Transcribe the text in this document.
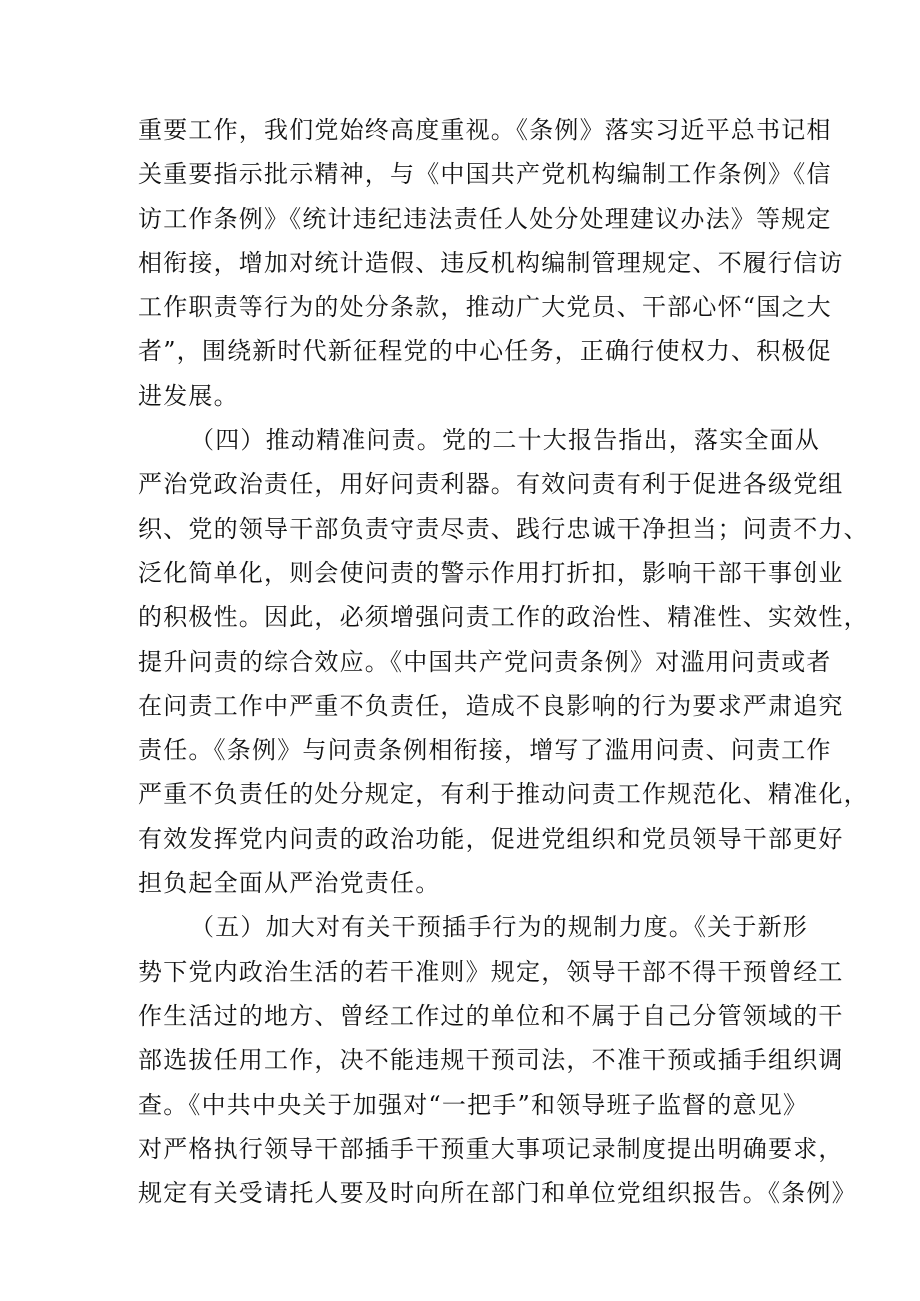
重要工作，我们党始终高度重视。《条例》落实习近平总书记相
关重要指示批示精神，与《中国共产党机构编制工作条例》《信
访工作条例》《统计违纪违法责任人处分处理建议办法》等规定
相衔接，增加对统计造假、违反机构编制管理规定、不履行信访
工作职责等行为的处分条款，推动广大党员、干部心怀“国之大
者”，围绕新时代新征程党的中心任务，正确行使权力、积极促
进发展。
（四）推动精准问责。党的二十大报告指出，落实全面从
严治党政治责任，用好问责利器。有效问责有利于促进各级党组
织、党的领导干部负责守责尽责、践行忠诚干净担当；问责不力、
泛化简单化，则会使问责的警示作用打折扣，影响干部干事创业
的积极性。因此，必须增强问责工作的政治性、精准性、实效性，
提升问责的综合效应。《中国共产党问责条例》对滥用问责或者
在问责工作中严重不负责任，造成不良影响的行为要求严肃追究
责任。《条例》与问责条例相衔接，增写了滥用问责、问责工作
严重不负责任的处分规定，有利于推动问责工作规范化、精准化，
有效发挥党内问责的政治功能，促进党组织和党员领导干部更好
担负起全面从严治党责任。
（五）加大对有关干预插手行为的规制力度。《关于新形
势下党内政治生活的若干准则》规定，领导干部不得干预曾经工
作生活过的地方、曾经工作过的单位和不属于自己分管领域的干
部选拔任用工作，决不能违规干预司法，不准干预或插手组织调
查。《中共中央关于加强对“一把手”和领导班子监督的意见》
对严格执行领导干部插手干预重大事项记录制度提出明确要求，
规定有关受请托人要及时向所在部门和单位党组织报告。《条例》
